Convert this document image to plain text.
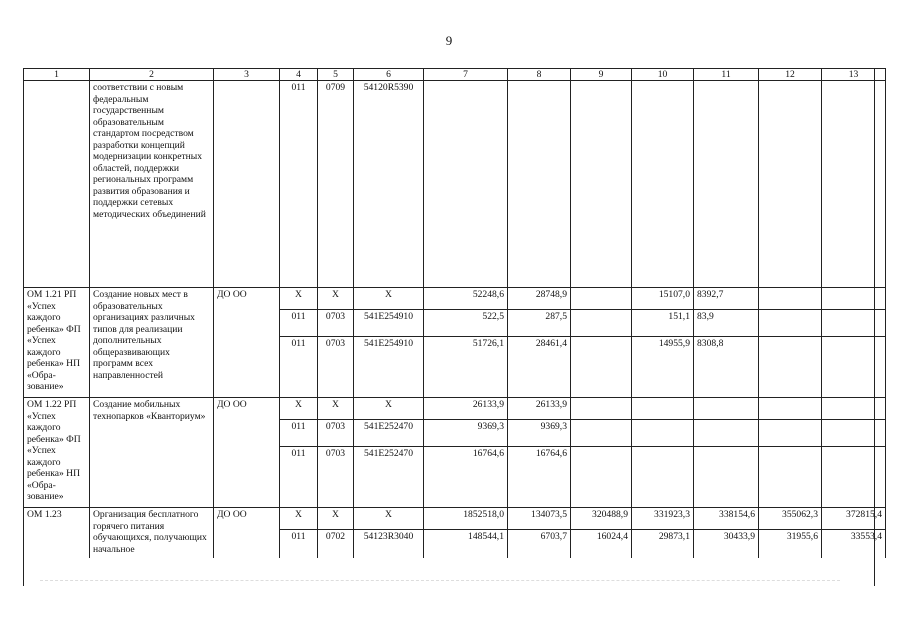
9
1	2	3	4	5	6	7	8	9	10	11	12	13
	соответствии с новым федеральным государственным образовательным стандартом посредством разработки концепций модернизации конкретных областей, поддержки региональных программ развития образования и поддержки сетевых методических объединений		011	0709	54120R5390							
ОМ 1.21 РП «Успех каждого ребенка» ФП «Успех каждого ребенка» НП «Обра-зование»	Создание новых мест в образовательных организациях различных типов для реализации дополнительных общеразвивающих программ всех направленностей	ДО ОО	Х	Х	Х	52248,6	28748,9		15107,0	8392,7		
			011	0703	541E254910	522,5	287,5		151,1	83,9		
			011	0703	541E254910	51726,1	28461,4		14955,9	8308,8		
ОМ 1.22 РП «Успех каждого ребенка» ФП «Успех каждого ребенка» НП «Обра-зование»	Создание мобильных технопарков «Кванториум»	ДО ОО	Х	Х	Х	26133,9	26133,9					
			011	0703	541E252470	9369,3	9369,3					
			011	0703	541E252470	16764,6	16764,6					
ОМ 1.23	Организация бесплатного горячего питания обучающихся, получающих начальное	ДО ОО	Х	Х	Х	1852518,0	134073,5	320488,9	331923,3	338154,6	355062,3	372815,4
			011	0702	54123R3040	148544,1	6703,7	16024,4	29873,1	30433,9	31955,6	33553,4
